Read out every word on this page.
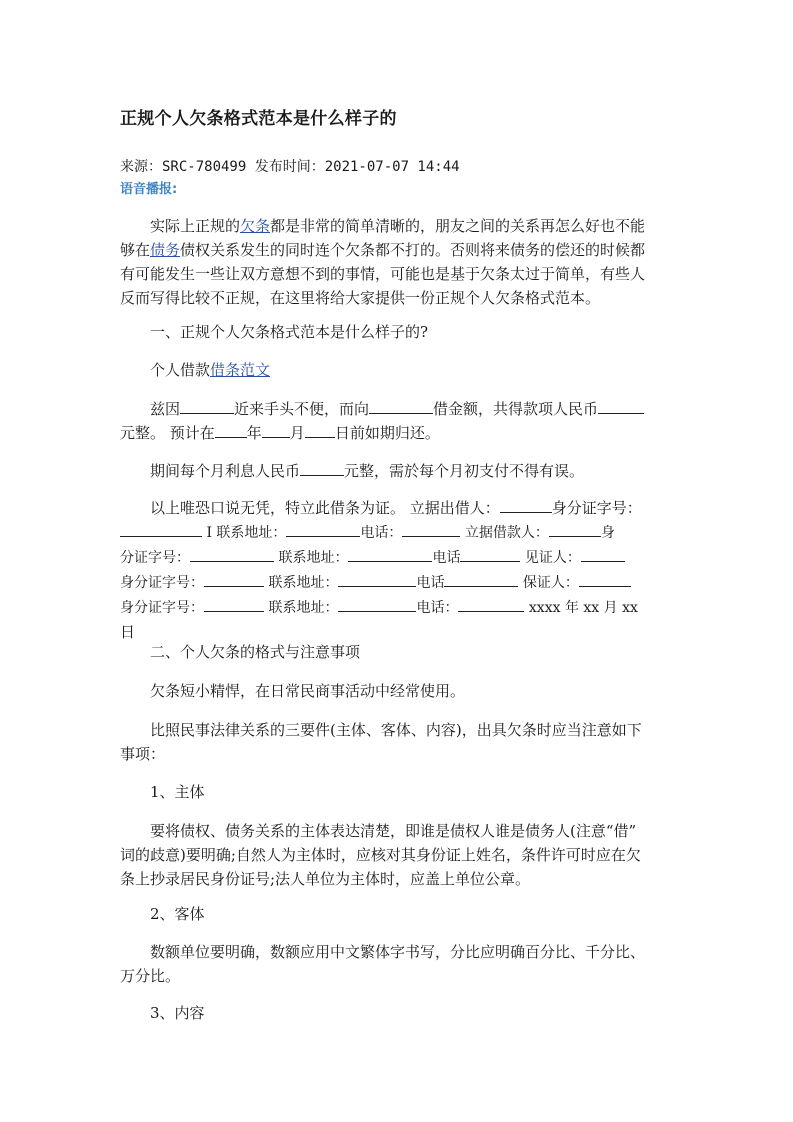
正规个人欠条格式范本是什么样子的
来源：SRC-780499 发布时间：2021-07-07 14:44
语音播报:
实际上正规的欠条都是非常的简单清晰的，朋友之间的关系再怎么好也不能
够在债务债权关系发生的同时连个欠条都不打的。否则将来债务的偿还的时候都
有可能发生一些让双方意想不到的事情，可能也是基于欠条太过于简单，有些人
反而写得比较不正规，在这里将给大家提供一份正规个人欠条格式范本。
一、正规个人欠条格式范本是什么样子的?
个人借款借条范文
兹因	近来手头不便，而向	借金额，共得款项人民币
元整。 预计在 年 月 日前如期归还。
期间每个月利息人民币	元整，需於每个月初支付不得有误。
以上唯恐口说无凭，特立此借条为证。 立据出借人：	身分证字号：
I 联系地址：	电话：	立据借款人：	身
分证字号：	联系地址：	电话	见证人：
身分证字号：	联系地址：	电话	保证人：
身分证字号：	联系地址：	电话：	xxxx 年 xx 月 xx
日
二、个人欠条的格式与注意事项
欠条短小精悍，在日常民商事活动中经常使用。
比照民事法律关系的三要件(主体、客体、内容)，出具欠条时应当注意如下
事项：
1、主体
要将债权、债务关系的主体表达清楚，即谁是债权人谁是债务人(注意“借”
词的歧意)要明确;自然人为主体时，应核对其身份证上姓名，条件许可时应在欠
条上抄录居民身份证号;法人单位为主体时，应盖上单位公章。
2、客体
数额单位要明确，数额应用中文繁体字书写，分比应明确百分比、千分比、
万分比。
3、内容
